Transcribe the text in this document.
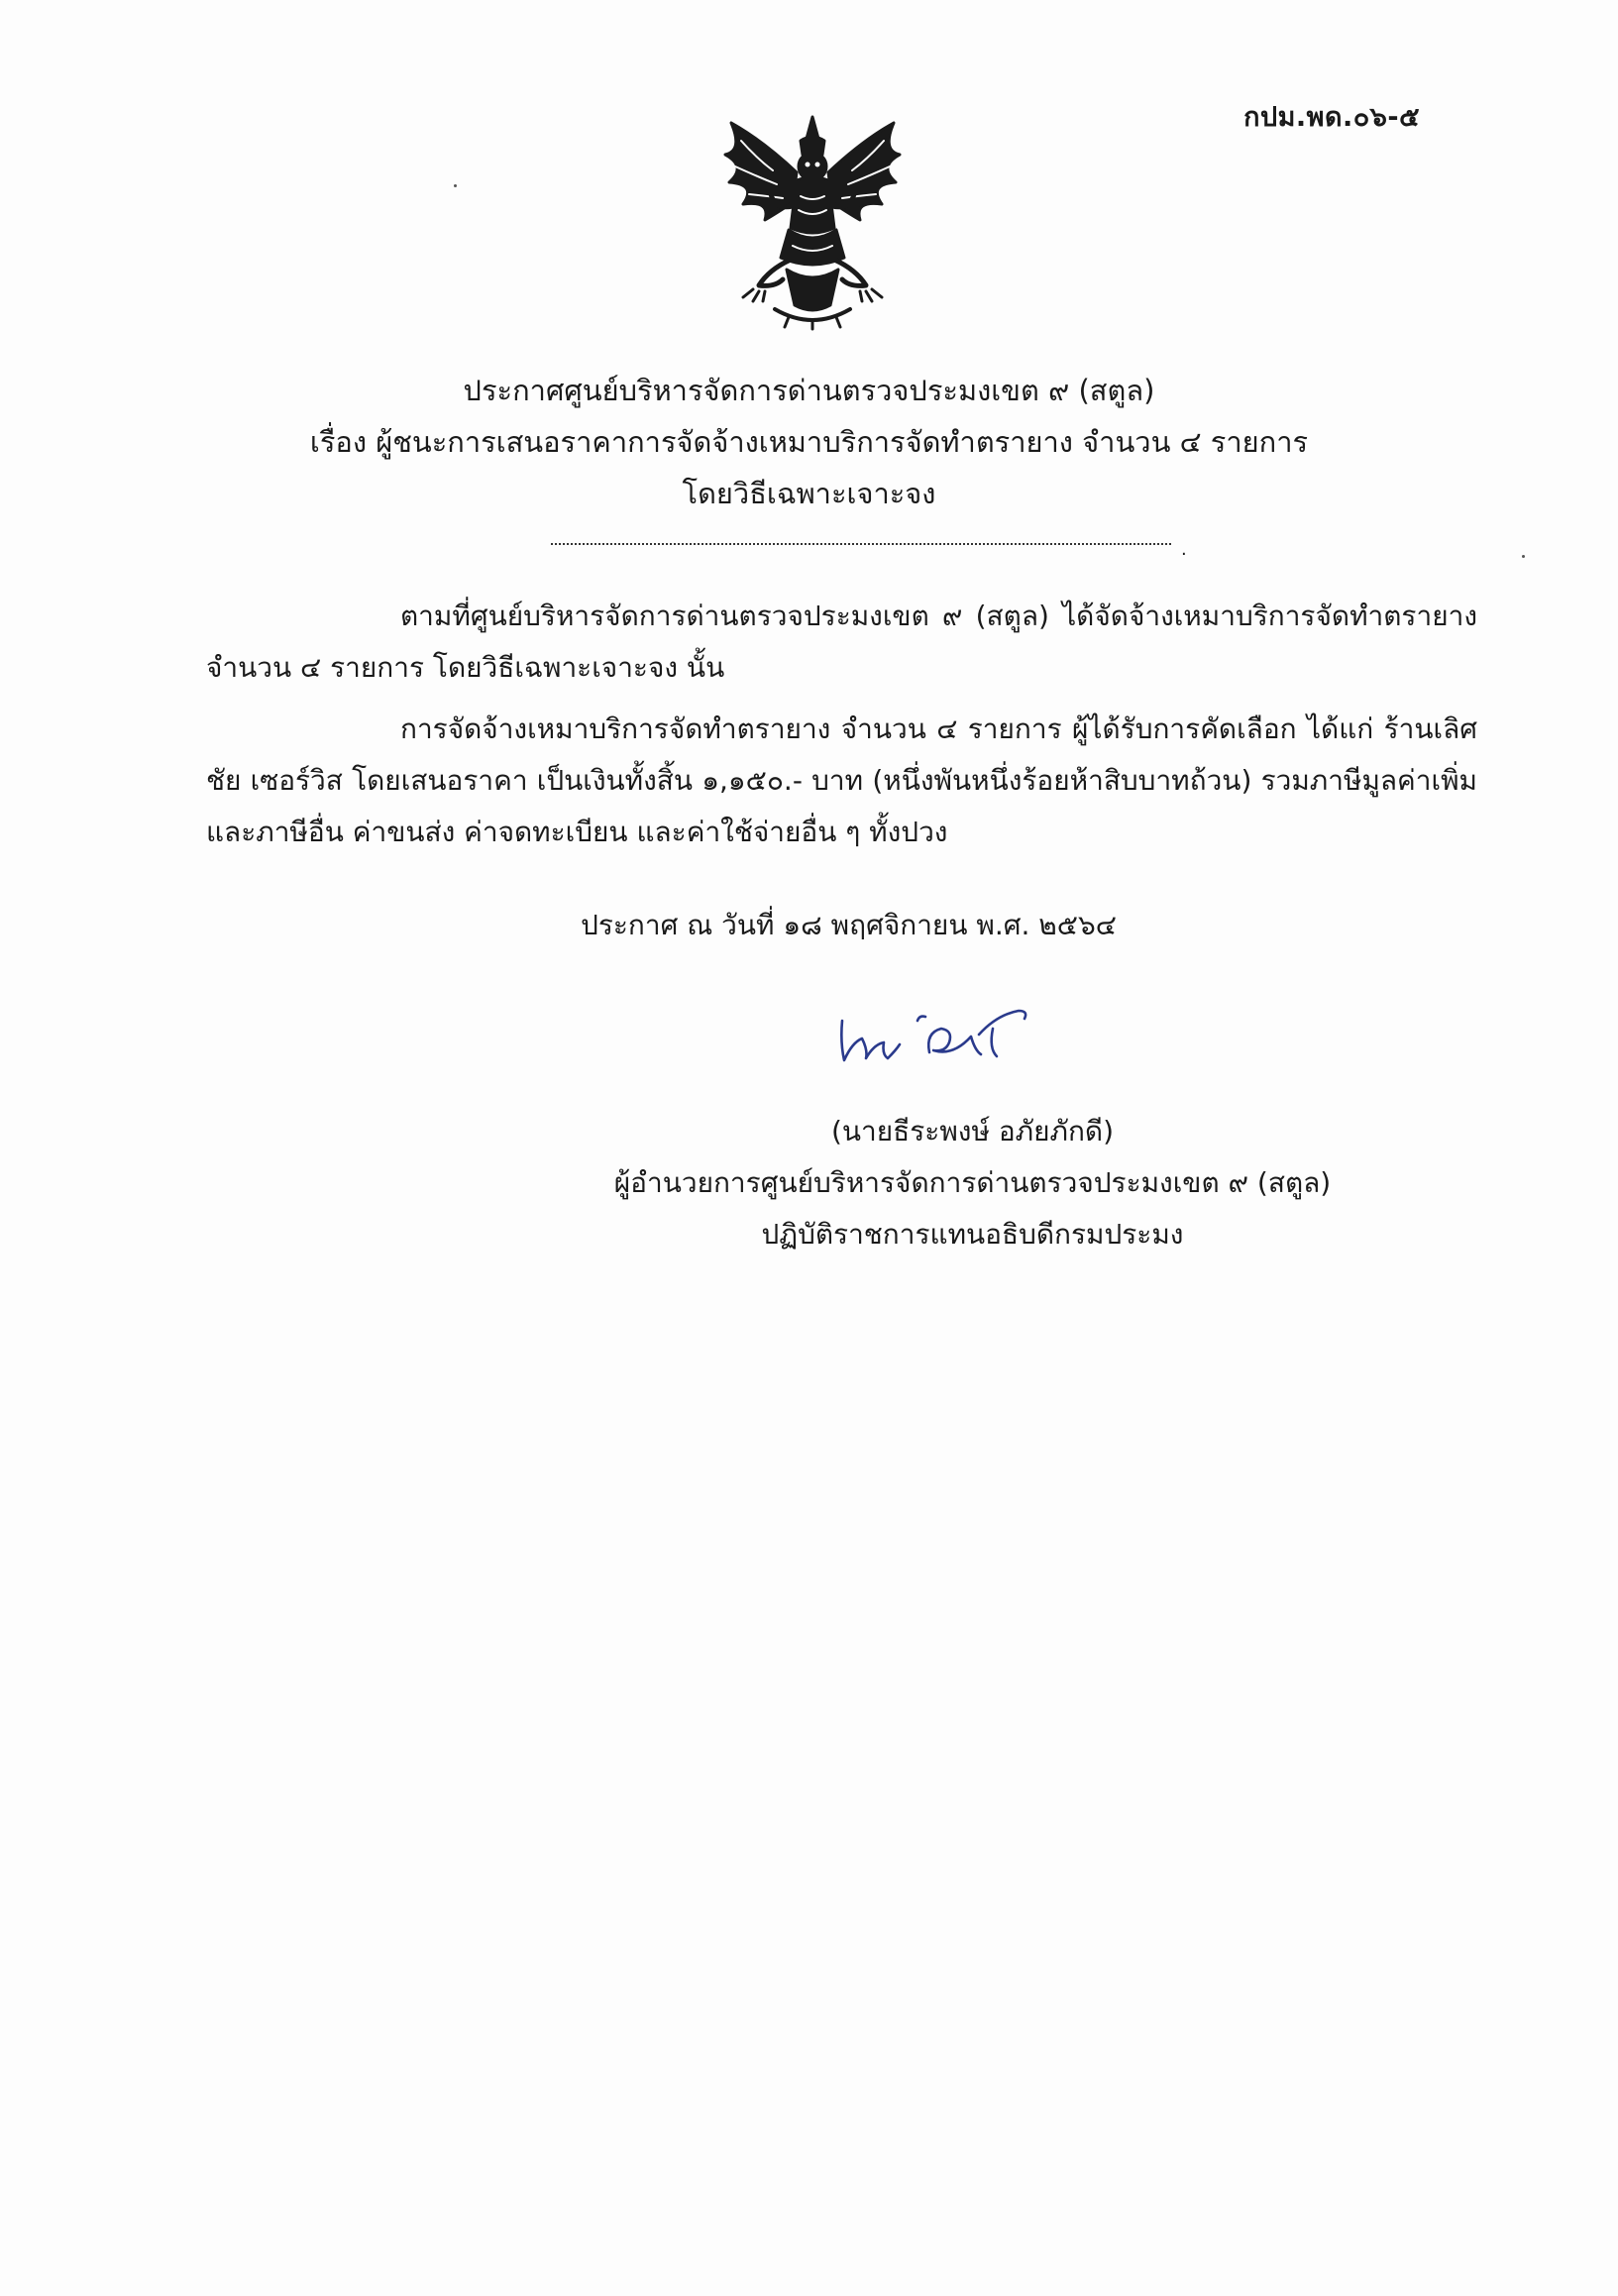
กปม.พด.๐๖-๕
ประกาศศูนย์บริหารจัดการด่านตรวจประมงเขต ๙ (สตูล)
เรื่อง ผู้ชนะการเสนอราคาการจัดจ้างเหมาบริการจัดทำตรายาง จำนวน ๔ รายการ
โดยวิธีเฉพาะเจาะจง
.
ตามที่ศูนย์บริหารจัดการด่านตรวจประมงเขต ๙ (สตูล) ได้จัดจ้างเหมาบริการจัดทำตรายาง จำนวน ๔ รายการ โดยวิธีเฉพาะเจาะจง นั้น
การจัดจ้างเหมาบริการจัดทำตรายาง จำนวน ๔ รายการ ผู้ได้รับการคัดเลือก ได้แก่ ร้านเลิศชัย เซอร์วิส โดยเสนอราคา เป็นเงินทั้งสิ้น ๑,๑๕๐.- บาท (หนึ่งพันหนึ่งร้อยห้าสิบบาทถ้วน) รวมภาษีมูลค่าเพิ่ม และภาษีอื่น ค่าขนส่ง ค่าจดทะเบียน และค่าใช้จ่ายอื่น ๆ ทั้งปวง
ประกาศ ณ วันที่ ๑๘ พฤศจิกายน พ.ศ. ๒๕๖๔
(นายธีระพงษ์ อภัยภักดี)
ผู้อำนวยการศูนย์บริหารจัดการด่านตรวจประมงเขต ๙ (สตูล)
ปฏิบัติราชการแทนอธิบดีกรมประมง
